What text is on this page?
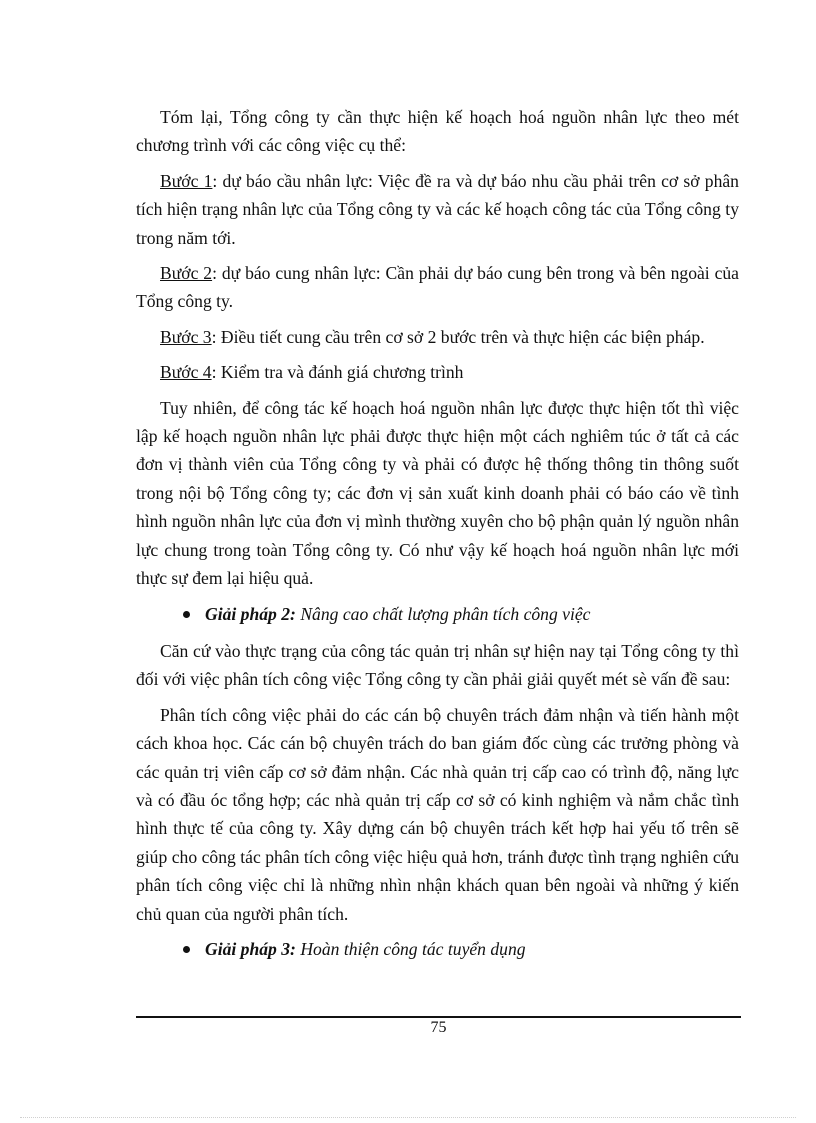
Tóm lại, Tổng công ty cần thực hiện kế hoạch hoá nguồn nhân lực theo mét chương trình với các công việc cụ thể:

Bước 1: dự báo cầu nhân lực: Việc đề ra và dự báo nhu cầu phải trên cơ sở phân tích hiện trạng nhân lực của Tổng công ty và các kế hoạch công tác của Tổng công ty trong năm tới.

Bước 2: dự báo cung nhân lực: Cần phải dự báo cung bên trong và bên ngoài của Tổng công ty.

Bước 3: Điều tiết cung cầu trên cơ sở 2 bước trên và thực hiện các biện pháp.

Bước 4: Kiểm tra và đánh giá chương trình

Tuy nhiên, để công tác kế hoạch hoá nguồn nhân lực được thực hiện tốt thì việc lập kế hoạch nguồn nhân lực phải được thực hiện một cách nghiêm túc ở tất cả các đơn vị thành viên của Tổng công ty và phải có được hệ thống thông tin thông suốt trong nội bộ Tổng công ty; các đơn vị sản xuất kinh doanh phải có báo cáo về tình hình nguồn nhân lực của đơn vị mình thường xuyên cho bộ phận quản lý nguồn nhân lực chung trong toàn Tổng công ty. Có như vậy kế hoạch hoá nguồn nhân lực mới thực sự đem lại hiệu quả.

Giải pháp 2: Nâng cao chất lượng phân tích công việc

Căn cứ vào thực trạng của công tác quản trị nhân sự hiện nay tại Tổng công ty thì đối với việc phân tích công việc Tổng công ty cần phải giải quyết mét sè vấn đề sau:

Phân tích công việc phải do các cán bộ chuyên trách đảm nhận và tiến hành một cách khoa học. Các cán bộ chuyên trách do ban giám đốc cùng các trưởng phòng và các quản trị viên cấp cơ sở đảm nhận. Các nhà quản trị cấp cao có trình độ, năng lực và có đầu óc tổng hợp; các nhà quản trị cấp cơ sở có kinh nghiệm và nắm chắc tình hình thực tế của công ty. Xây dựng cán bộ chuyên trách kết hợp hai yếu tố trên sẽ giúp cho công tác phân tích công việc hiệu quả hơn, tránh được tình trạng nghiên cứu phân tích công việc chỉ là những nhìn nhận khách quan bên ngoài và những ý kiến chủ quan của người phân tích.

Giải pháp 3: Hoàn thiện công tác tuyển dụng
75
